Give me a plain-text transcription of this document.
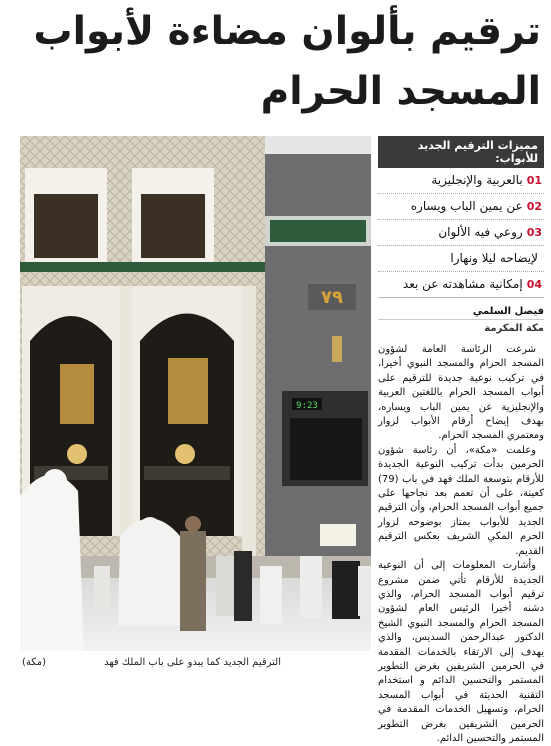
ترقيم بألوان مضاءة لأبواب
المسجد الحرام
٧٩
9:23
(مكة)	الترقيم الجديد كما يبدو على باب الملك فهد
مميزات الترقيم الجديد للأبواب:
01بالعربية والإنجليزية
02عن يمين الباب ويساره
03روعي فيه الألوان
لإيضاحه ليلا ونهارا
04إمكانية مشاهدته عن بعد
فيصل السلمي
مكة المكرمة

شرعت الرئاسة العامة لشؤون المسجد الحرام والمسجد النبوي أخيرا، في تركيب نوعية جديدة للترقيم على أبواب المسجد الحرام باللغتين العربية والإنجليزية عن يمين الباب ويساره، بهدف إيضاح أرقام الأبواب لزوار ومعتمري المسجد الحرام.

وعلمت «مكة»، أن رئاسة شؤون الحرمين بدأت تركيب النوعية الجديدة للأرقام بتوسعة الملك فهد في باب (79) كعينة، على أن تعمم بعد نجاحها على جميع أبواب المسجد الحرام، وأن الترقيم الجديد للأبواب يمتاز بوضوحه لزوار الحرم المكي الشريف بعكس الترقيم القديم.

وأشارت المعلومات إلى أن النوعية الجديدة للأرقام تأتي ضمن مشروع ترقيم أبواب المسجد الحرام، والذي دشنه أخيرا الرئيس العام لشؤون المسجد الحرام والمسجد النبوي الشيخ الدكتور عبدالرحمن السديس، والذي يهدف إلى الارتقاء بالخدمات المقدمة في الحرمين الشريفين بغرض التطوير المستمر والتحسين الدائم و استخدام التقنية الحديثة في أبواب المسجد الحرام، وتسهيل الخدمات المقدمة في الحرمين الشريفين بغرض التطوير المستمر والتحسين الدائم.
